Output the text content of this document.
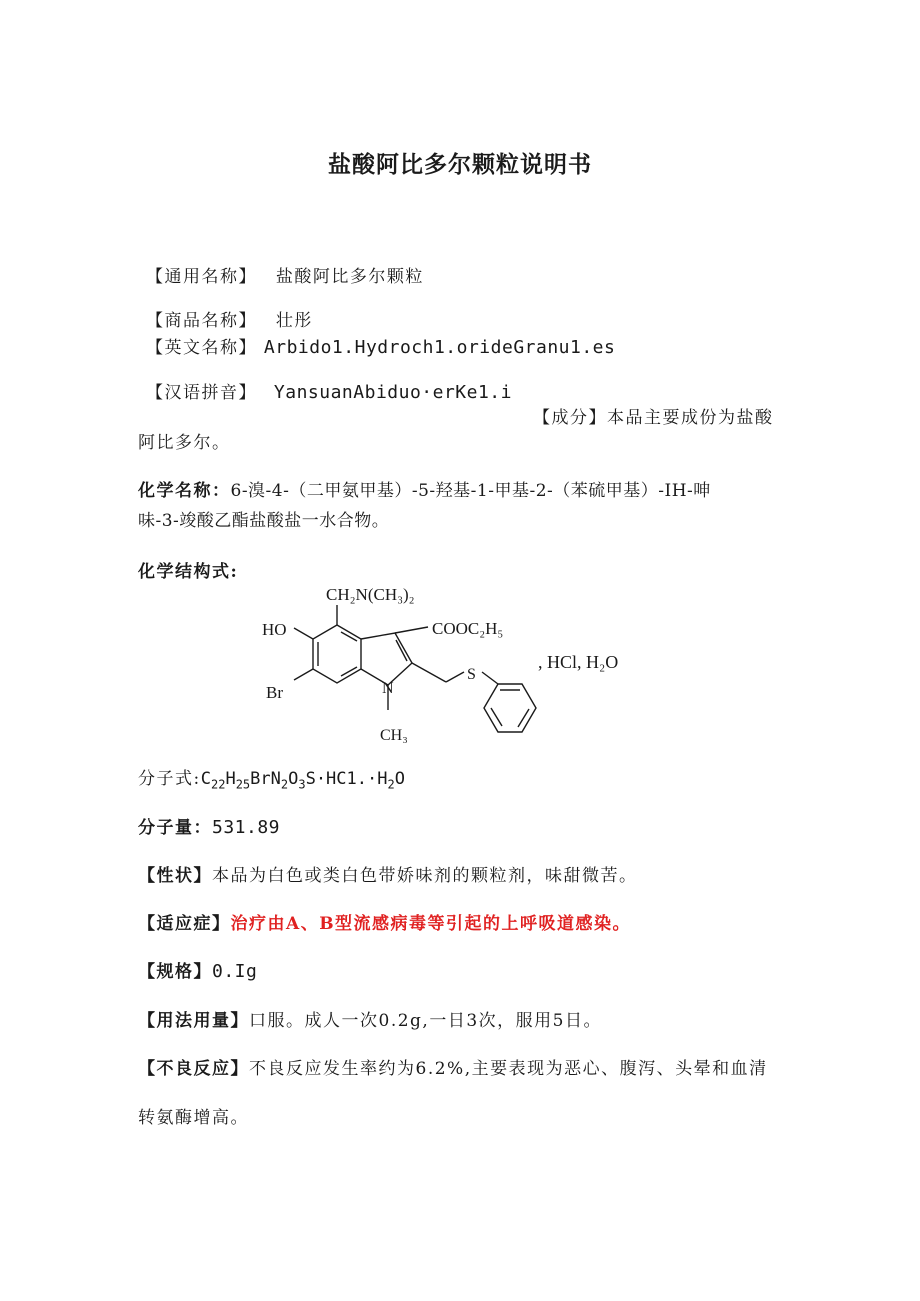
盐酸阿比多尔颗粒说明书
【通用名称】 盐酸阿比多尔颗粒
【商品名称】 壮彤
【英文名称】 Arbido1.Hydroch1.orideGranu1.es
【汉语拼音】 YansuanAbiduo·erKe1.i
【成分】本品主要成份为盐酸
阿比多尔。
化学名称：6-溴-4-（二甲氨甲基）-5-羟基-1-甲基-2-（苯硫甲基）-IH-呻
味-3-竣酸乙酯盐酸盐一水合物。
化学结构式:
CH₂N(CH₃)₂
HO	COOC₂H₅
Br	N
CH₃
S
, HCl, H₂O
分子式$:C_{22}H_{25}BrN_2O_3S\cdot HC1.\cdot H_2O$
分子量：531.89
【性状】本品为白色或类白色带娇味剂的颗粒剂，味甜微苦。
【适应症】治疗由A、B型流感病毒等引起的上呼吸道感染。
【规格】0.Ig
【用法用量】口服。成人一次0.2g,一日3次，服用5日。
【不良反应】不良反应发生率约为6.2%,主要表现为恶心、腹泻、头晕和血清
转氨酶增高。
